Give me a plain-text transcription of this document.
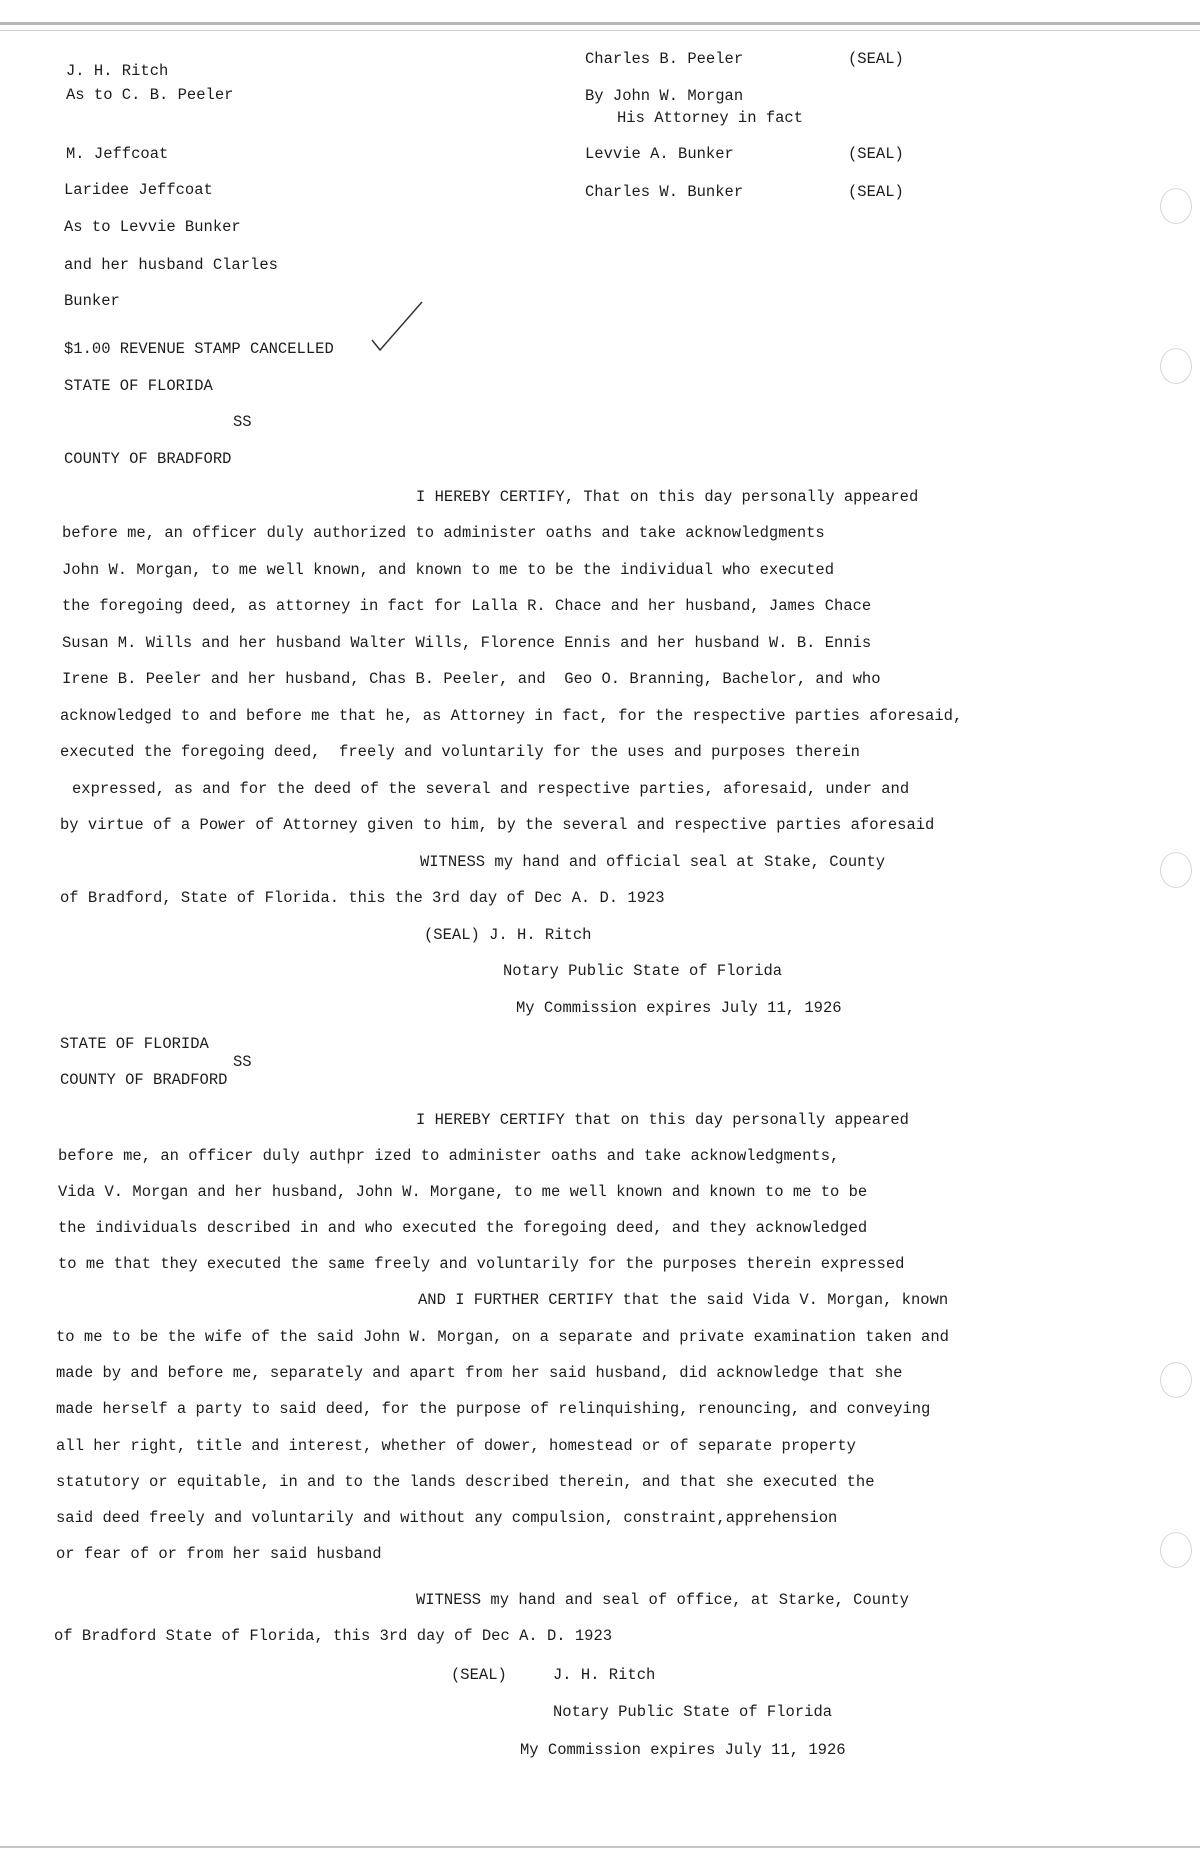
J. H. Ritch
As to C. B. Peeler
M. Jeffcoat
Laridee Jeffcoat
As to Levvie Bunker
and her husband Clarles
Bunker
Charles B. Peeler	(SEAL)
By John W. Morgan
His Attorney in fact
Levvie A. Bunker	(SEAL)
Charles W. Bunker	(SEAL)
$1.00 REVENUE STAMP CANCELLED
STATE OF FLORIDA
SS
COUNTY OF BRADFORD
I HEREBY CERTIFY, That on this day personally appeared
before me, an officer duly authorized to administer oaths and take acknowledgments
John W. Morgan, to me well known, and known to me to be the individual who executed
the foregoing deed, as attorney in fact for Lalla R. Chace and her husband, James Chace
Susan M. Wills and her husband Walter Wills, Florence Ennis and her husband W. B. Ennis
Irene B. Peeler and her husband, Chas B. Peeler, and  Geo O. Branning, Bachelor, and who
acknowledged to and before me that he, as Attorney in fact, for the respective parties aforesaid,
executed the foregoing deed,  freely and voluntarily for the uses and purposes therein
expressed, as and for the deed of the several and respective parties, aforesaid, under and
by virtue of a Power of Attorney given to him, by the several and respective parties aforesaid
WITNESS my hand and official seal at Stake, County
of Bradford, State of Florida. this the 3rd day of Dec A. D. 1923
(SEAL) J. H. Ritch
Notary Public State of Florida
My Commission expires July 11, 1926
STATE OF FLORIDA
SS
COUNTY OF BRADFORD
I HEREBY CERTIFY that on this day personally appeared
before me, an officer duly authpr ized to administer oaths and take acknowledgments,
Vida V. Morgan and her husband, John W. Morgane, to me well known and known to me to be
the individuals described in and who executed the foregoing deed, and they acknowledged
to me that they executed the same freely and voluntarily for the purposes therein expressed
AND I FURTHER CERTIFY that the said Vida V. Morgan, known
to me to be the wife of the said John W. Morgan, on a separate and private examination taken and
made by and before me, separately and apart from her said husband, did acknowledge that she
made herself a party to said deed, for the purpose of relinquishing, renouncing, and conveying
all her right, title and interest, whether of dower, homestead or of separate property
statutory or equitable, in and to the lands described therein, and that she executed the
said deed freely and voluntarily and without any compulsion, constraint,apprehension
or fear of or from her said husband
WITNESS my hand and seal of office, at Starke, County
of Bradford State of Florida, this 3rd day of Dec A. D. 1923
(SEAL)	J. H. Ritch
Notary Public State of Florida
My Commission expires July 11, 1926
